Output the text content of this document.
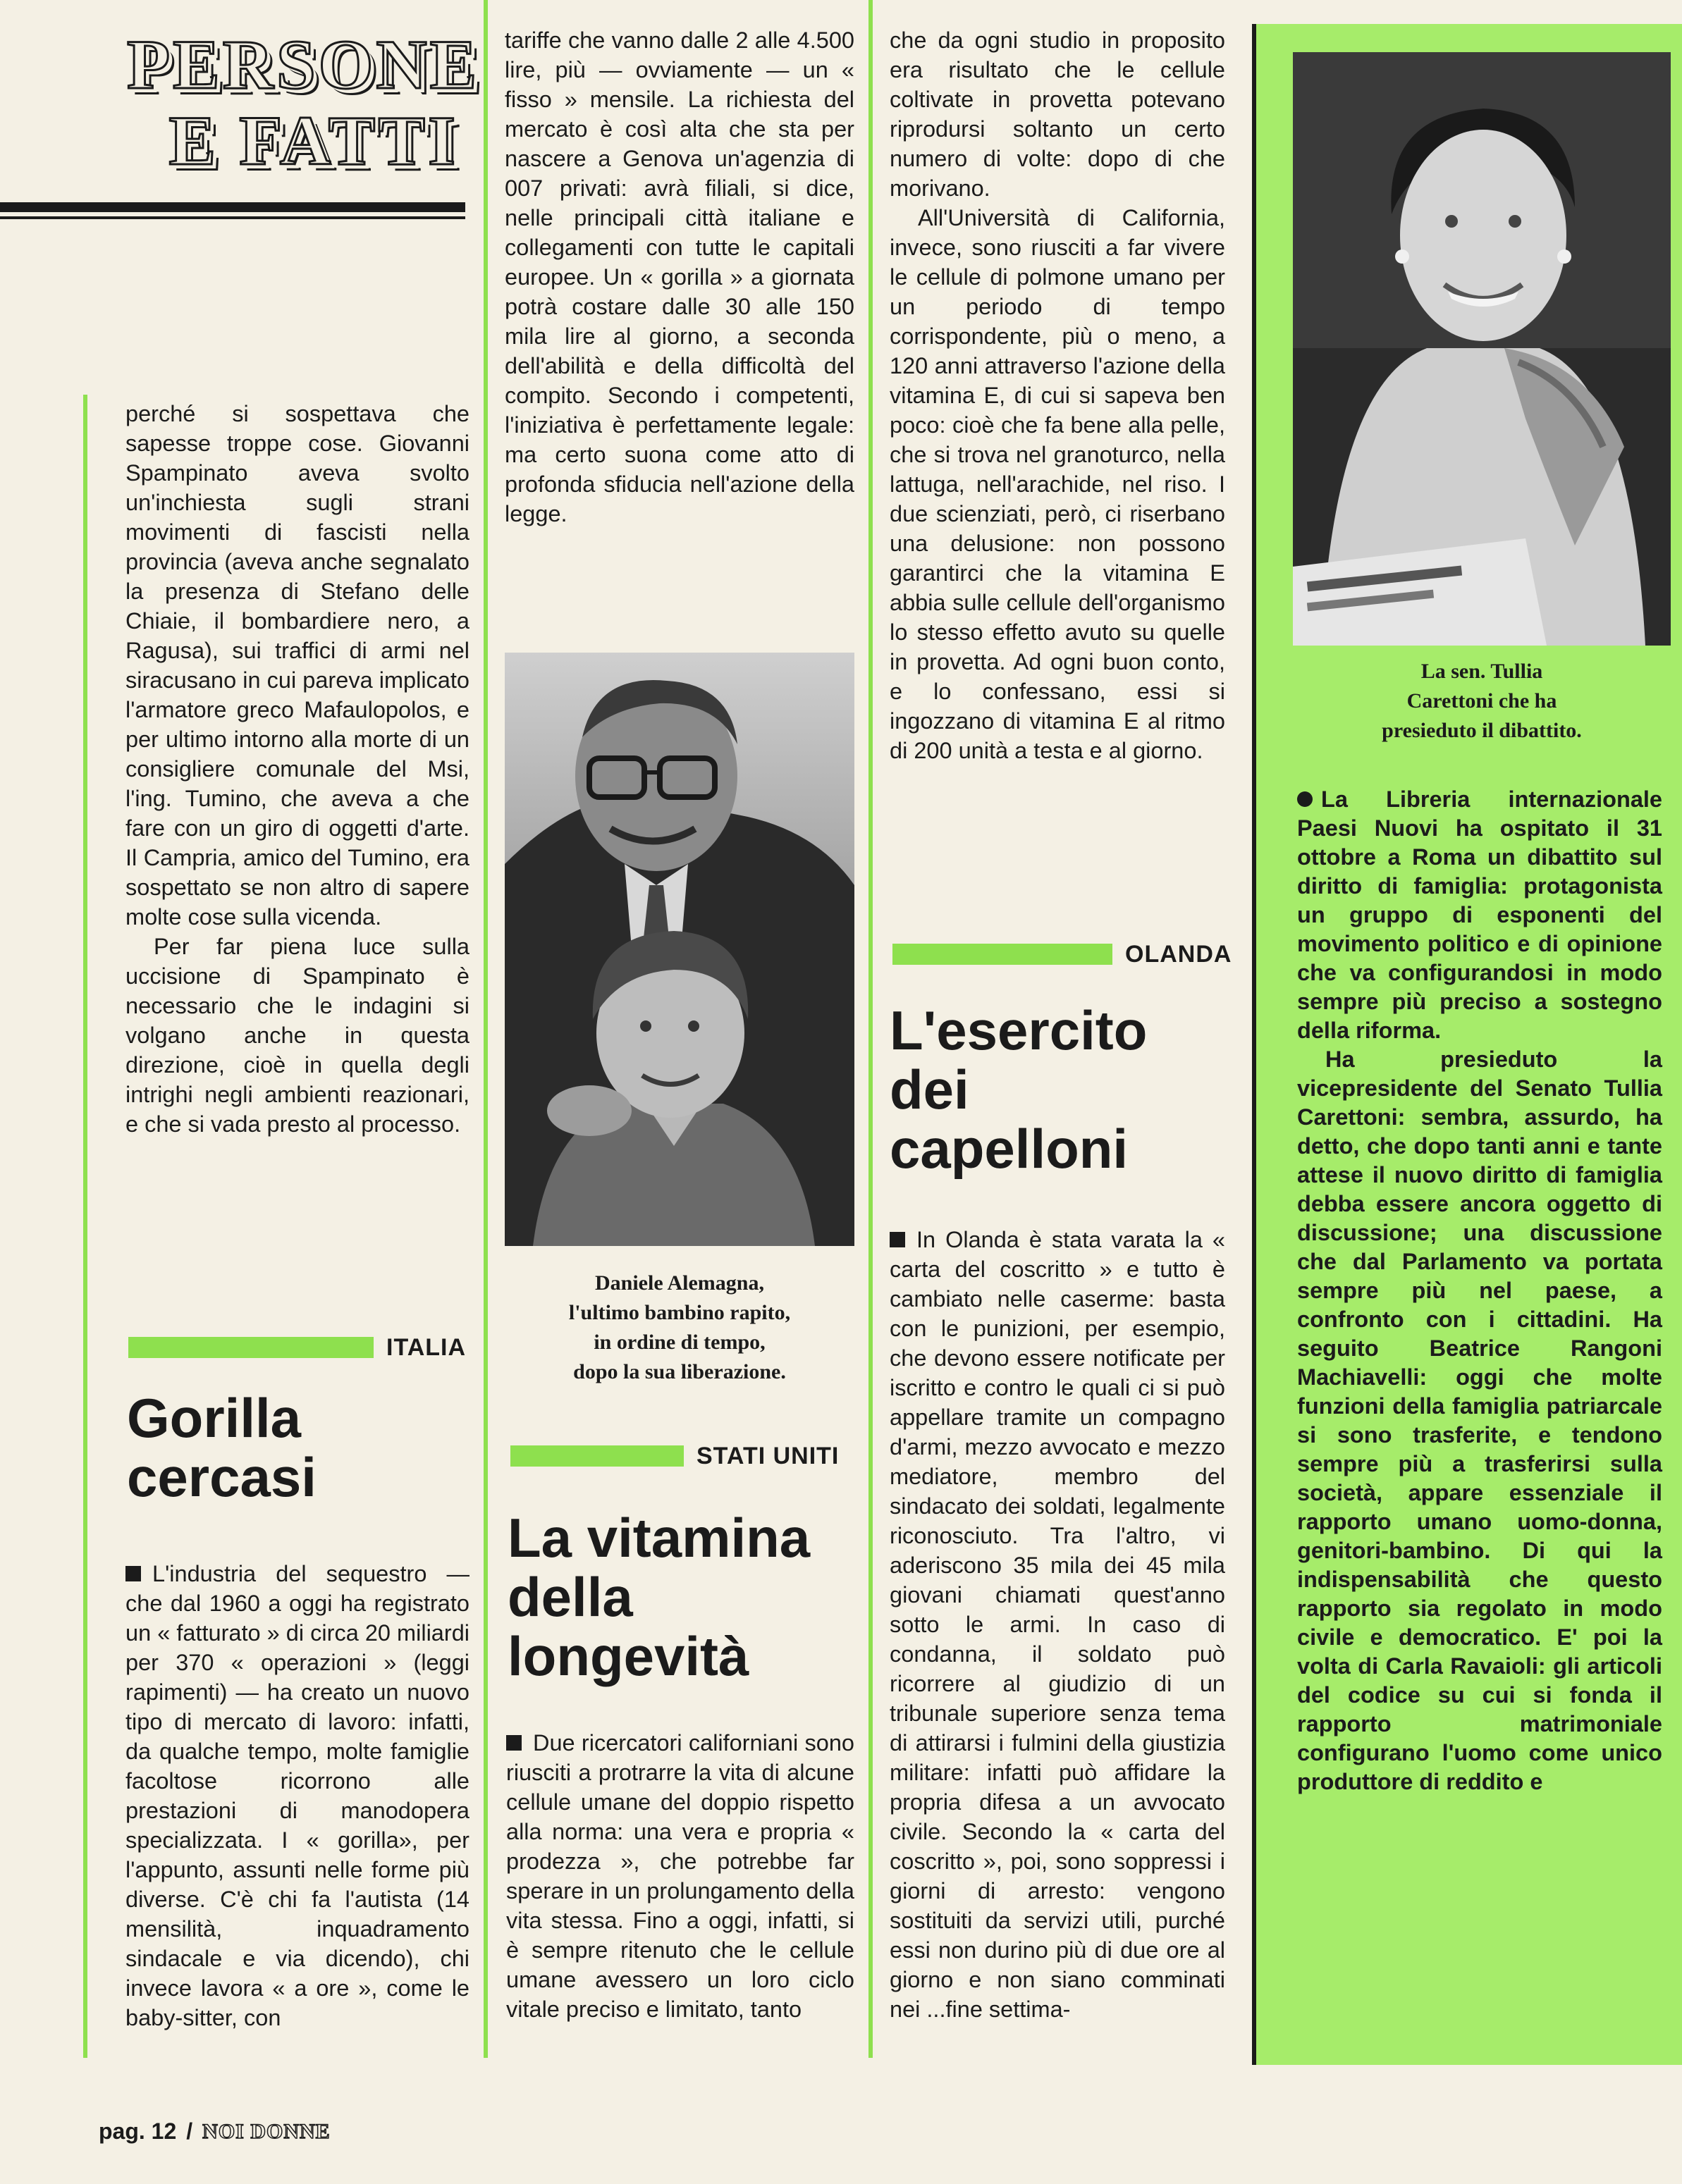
PERSONE
E FATTI

perché si sospettava che sapesse troppe cose. Giovanni Spampinato aveva svolto un'inchiesta sugli strani movimenti di fascisti nella provincia (aveva anche segnalato la presenza di Stefano delle Chiaie, il bombardiere nero, a Ragusa), sui traffici di armi nel siracusano in cui pareva implicato l'armatore greco Mafaulopolos, e per ultimo intorno alla morte di un consigliere comunale del Msi, l'ing. Tumino, che aveva a che fare con un giro di oggetti d'arte. Il Campria, amico del Tumino, era sospettato se non altro di sapere molte cose sulla vicenda.

Per far piena luce sulla uccisione di Spampinato è necessario che le indagini si volgano anche in questa direzione, cioè in quella degli intrighi negli ambienti reazionari, e che si vada presto al processo.

ITALIA
Gorilla
cercasi

L'industria del sequestro — che dal 1960 a oggi ha registrato un « fatturato » di circa 20 miliardi per 370 « operazioni » (leggi rapimenti) — ha creato un nuovo tipo di mercato di lavoro: infatti, da qualche tempo, molte famiglie facoltose ricorrono alle prestazioni di manodopera specializzata. I « gorilla», per l'appunto, assunti nelle forme più diverse. C'è chi fa l'autista (14 mensilità, inquadramento sindacale e via dicendo), chi invece lavora « a ore », come le baby-sitter, con

tariffe che vanno dalle 2 alle 4.500 lire, più — ovviamente — un « fisso » mensile. La richiesta del mercato è così alta che sta per nascere a Genova un'agenzia di 007 privati: avrà filiali, si dice, nelle principali città italiane e collegamenti con tutte le capitali europee. Un « gorilla » a giornata potrà costare dalle 30 alle 150 mila lire al giorno, a seconda dell'abilità e della difficoltà del compito. Secondo i competenti, l'iniziativa è perfettamente legale: ma certo suona come atto di profonda sfiducia nell'azione della legge.

Daniele Alemagna,
l'ultimo bambino rapito,
in ordine di tempo,
dopo la sua liberazione.
STATI UNITI
La vitamina
della
longevità

Due ricercatori californiani sono riusciti a protrarre la vita di alcune cellule umane del doppio rispetto alla norma: una vera e propria « prodezza », che potrebbe far sperare in un prolungamento della vita stessa. Fino a oggi, infatti, si è sempre ritenuto che le cellule umane avessero un loro ciclo vitale preciso e limitato, tanto

che da ogni studio in proposito era risultato che le cellule coltivate in provetta potevano riprodursi soltanto un certo numero di volte: dopo di che morivano.

All'Università di California, invece, sono riusciti a far vivere le cellule di polmone umano per un periodo di tempo corrispondente, più o meno, a 120 anni attraverso l'azione della vitamina E, di cui si sapeva ben poco: cioè che fa bene alla pelle, che si trova nel granoturco, nella lattuga, nell'arachide, nel riso. I due scienziati, però, ci riserbano una delusione: non possono garantirci che la vitamina E abbia sulle cellule dell'organismo lo stesso effetto avuto su quelle in provetta. Ad ogni buon conto, e lo confessano, essi si ingozzano di vitamina E al ritmo di 200 unità a testa e al giorno.

OLANDA
L'esercito
dei
capelloni

In Olanda è stata varata la « carta del coscritto » e tutto è cambiato nelle caserme: basta con le punizioni, per esempio, che devono essere notificate per iscritto e contro le quali ci si può appellare tramite un compagno d'armi, mezzo avvocato e mezzo mediatore, membro del sindacato dei soldati, legalmente riconosciuto. Tra l'altro, vi aderiscono 35 mila dei 45 mila giovani chiamati quest'anno sotto le armi. In caso di condanna, il soldato può ricorrere al giudizio di un tribunale superiore senza tema di attirarsi i fulmini della giustizia militare: infatti può affidare la propria difesa a un avvocato civile. Secondo la « carta del coscritto », poi, sono soppressi i giorni di arresto: vengono sostituiti da servizi utili, purché essi non durino più di due ore al giorno e non siano comminati nei ...fine settima-

La sen. Tullia
Carettoni che ha
presieduto il dibattito.

La Libreria internazionale Paesi Nuovi ha ospitato il 31 ottobre a Roma un dibattito sul diritto di famiglia: protagonista un gruppo di esponenti del movimento politico e di opinione che va configurandosi in modo sempre più preciso a sostegno della riforma.

Ha presieduto la vicepresidente del Senato Tullia Carettoni: sembra, assurdo, ha detto, che dopo tanti anni e tante attese il nuovo diritto di famiglia debba essere ancora oggetto di discussione; una discussione che dal Parlamento va portata sempre più nel paese, a confronto con i cittadini. Ha seguito Beatrice Rangoni Machiavelli: oggi che molte funzioni della famiglia patriarcale si sono trasferite, e tendono sempre più a trasferirsi sulla società, appare essenziale il rapporto umano uomo-donna, genitori-bambino. Di qui la indispensabilità che questo rapporto sia regolato in modo civile e democratico. E' poi la volta di Carla Ravaioli: gli articoli del codice su cui si fonda il rapporto matrimoniale configurano l'uomo come unico produttore di reddito e

pag. 12 / NOI DONNE
